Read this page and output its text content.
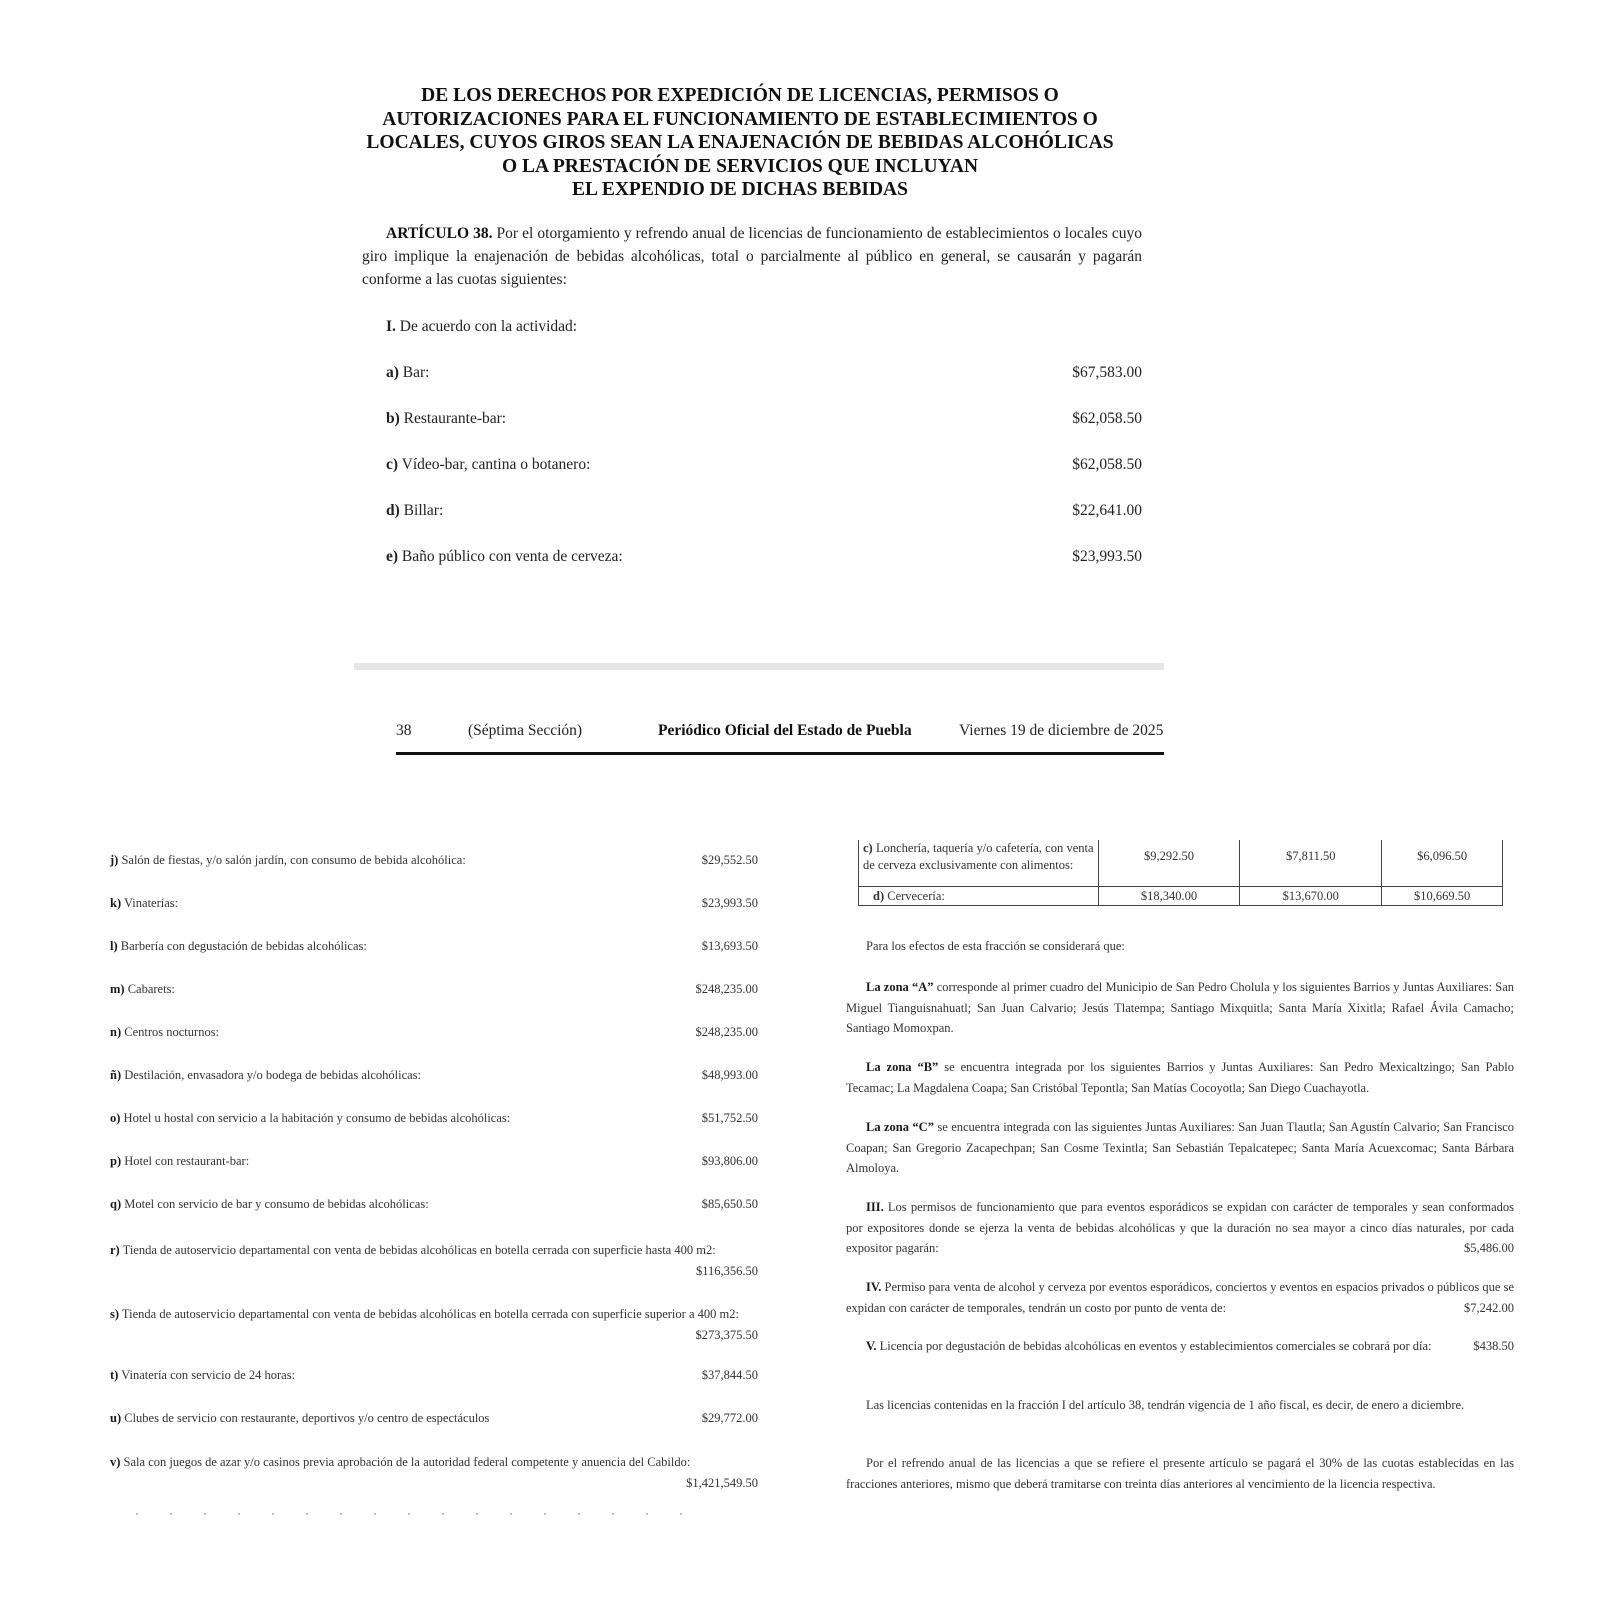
DE LOS DERECHOS POR EXPEDICIÓN DE LICENCIAS, PERMISOS O
AUTORIZACIONES PARA EL FUNCIONAMIENTO DE ESTABLECIMIENTOS O
LOCALES, CUYOS GIROS SEAN LA ENAJENACIÓN DE BEBIDAS ALCOHÓLICAS
O LA PRESTACIÓN DE SERVICIOS QUE INCLUYAN
EL EXPENDIO DE DICHAS BEBIDAS
ARTÍCULO 38. Por el otorgamiento y refrendo anual de licencias de funcionamiento de establecimientos o locales cuyo giro implique la enajenación de bebidas alcohólicas, total o parcialmente al público en general, se causarán y pagarán conforme a las cuotas siguientes:
I. De acuerdo con la actividad:
a) Bar:	$67,583.00
b) Restaurante-bar:	$62,058.50
c) Vídeo-bar, cantina o botanero:	$62,058.50
d) Billar:	$22,641.00
e) Baño público con venta de cerveza:	$23,993.50
38	(Séptima Sección)	Periódico Oficial del Estado de Puebla	Viernes 19 de diciembre de 2025
j) Salón de fiestas, y/o salón jardín, con consumo de bebida alcohólica:	$29,552.50
k) Vinaterías:	$23,993.50
l) Barbería con degustación de bebidas alcohólicas:	$13,693.50
m) Cabarets:	$248,235.00
n) Centros nocturnos:	$248,235.00
ñ) Destilación, envasadora y/o bodega de bebidas alcohólicas:	$48,993.00
o) Hotel u hostal con servicio a la habitación y consumo de bebidas alcohólicas:	$51,752.50
p) Hotel con restaurant-bar:	$93,806.00
q) Motel con servicio de bar y consumo de bebidas alcohólicas:	$85,650.50
r) Tienda de autoservicio departamental con venta de bebidas alcohólicas en botella cerrada con superficie hasta 400 m2:
$116,356.50
s) Tienda de autoservicio departamental con venta de bebidas alcohólicas en botella cerrada con superficie superior a 400 m2:
$273,375.50
t) Vinatería con servicio de 24 horas:	$37,844.50
u) Clubes de servicio con restaurante, deportivos y/o centro de espectáculos	$29,772.00
v) Sala con juegos de azar y/o casinos previa aprobación de la autoridad federal competente y anuencia del Cabildo:
$1,421,549.50
c) Lonchería, taquería y/o cafetería, con venta de cerveza exclusivamente con alimentos:	$9,292.50	$7,811.50	$6,096.50
d) Cervecería:	$18,340.00	$13,670.00	$10,669.50
Para los efectos de esta fracción se considerará que:
La zona “A” corresponde al primer cuadro del Municipio de San Pedro Cholula y los siguientes Barrios y Juntas Auxiliares: San Miguel Tianguisnahuatl; San Juan Calvario; Jesús Tlatempa; Santiago Mixquitla; Santa María Xixitla; Rafael Ávila Camacho; Santiago Momoxpan.
La zona “B” se encuentra integrada por los siguientes Barrios y Juntas Auxiliares: San Pedro Mexicaltzingo; San Pablo Tecamac; La Magdalena Coapa; San Cristóbal Tepontla; San Matías Cocoyotla; San Diego Cuachayotla.
La zona “C” se encuentra integrada con las siguientes Juntas Auxiliares: San Juan Tlautla; San Agustín Calvario; San Francisco Coapan; San Gregorio Zacapechpan; San Cosme Texintla; San Sebastián Tepalcatepec; Santa María Acuexcomac; Santa Bárbara Almoloya.
III. Los permisos de funcionamiento que para eventos esporádicos se expidan con carácter de temporales y sean conformados por expositores donde se ejerza la venta de bebidas alcohólicas y que la duración no sea mayor a cinco días naturales, por cada expositor pagarán:	$5,486.00
IV. Permiso para venta de alcohol y cerveza por eventos esporádicos, conciertos y eventos en espacios privados o públicos que se expidan con carácter de temporales, tendrán un costo por punto de venta de:	$7,242.00
V. Licencia por degustación de bebidas alcohólicas en eventos y establecimientos comerciales se cobrará por día:	$438.50
Las licencias contenidas en la fracción I del artículo 38, tendrán vigencia de 1 año fiscal, es decir, de enero a diciembre.
Por el refrendo anual de las licencias a que se refiere el presente artículo se pagará el 30% de las cuotas establecidas en las fracciones anteriores, mismo que deberá tramitarse con treinta días anteriores al vencimiento de la licencia respectiva.
